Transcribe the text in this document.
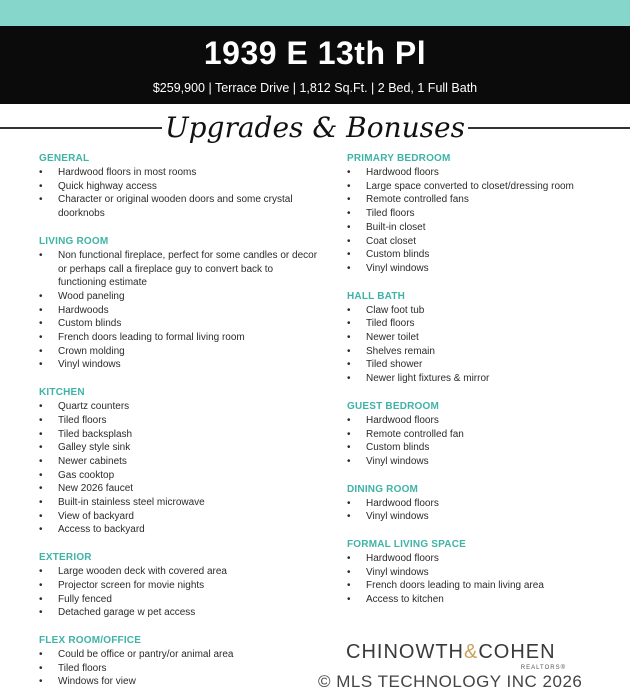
1939 E 13th Pl
$259,900 | Terrace Drive | 1,812 Sq.Ft. | 2 Bed, 1 Full Bath
Upgrades & Bonuses
GENERAL
• Hardwood floors in most rooms
• Quick highway access
• Character or original wooden doors and some crystal doorknobs
LIVING ROOM
• Non functional fireplace, perfect for some candles or decor or perhaps call a fireplace guy to convert back to functioning estimate
• Wood paneling
• Hardwoods
• Custom blinds
• French doors leading to formal living room
• Crown molding
• Vinyl windows
KITCHEN
• Quartz counters
• Tiled floors
• Tiled backsplash
• Galley style sink
• Newer cabinets
• Gas cooktop
• New 2026 faucet
• Built-in stainless steel microwave
• View of backyard
• Access to backyard
EXTERIOR
• Large wooden deck with covered area
• Projector screen for movie nights
• Fully fenced
• Detached garage w pet access
FLEX ROOM/OFFICE
• Could be office or pantry/or animal area
• Tiled floors
• Windows for view
PRIMARY BEDROOM
• Hardwood floors
• Large space converted to closet/dressing room
• Remote controlled fans
• Tiled floors
• Built-in closet
• Coat closet
• Custom blinds
• Vinyl windows
HALL BATH
• Claw foot tub
• Tiled floors
• Newer toilet
• Shelves remain
• Tiled shower
• Newer light fixtures & mirror
GUEST BEDROOM
• Hardwood floors
• Remote controlled fan
• Custom blinds
• Vinyl windows
DINING ROOM
• Hardwood floors
• Vinyl windows
FORMAL LIVING SPACE
• Hardwood floors
• Vinyl windows
• French doors leading to main living area
• Access to kitchen
CHINOWTH&COHEN
REALTORS®
© MLS TECHNOLOGY INC 2026
